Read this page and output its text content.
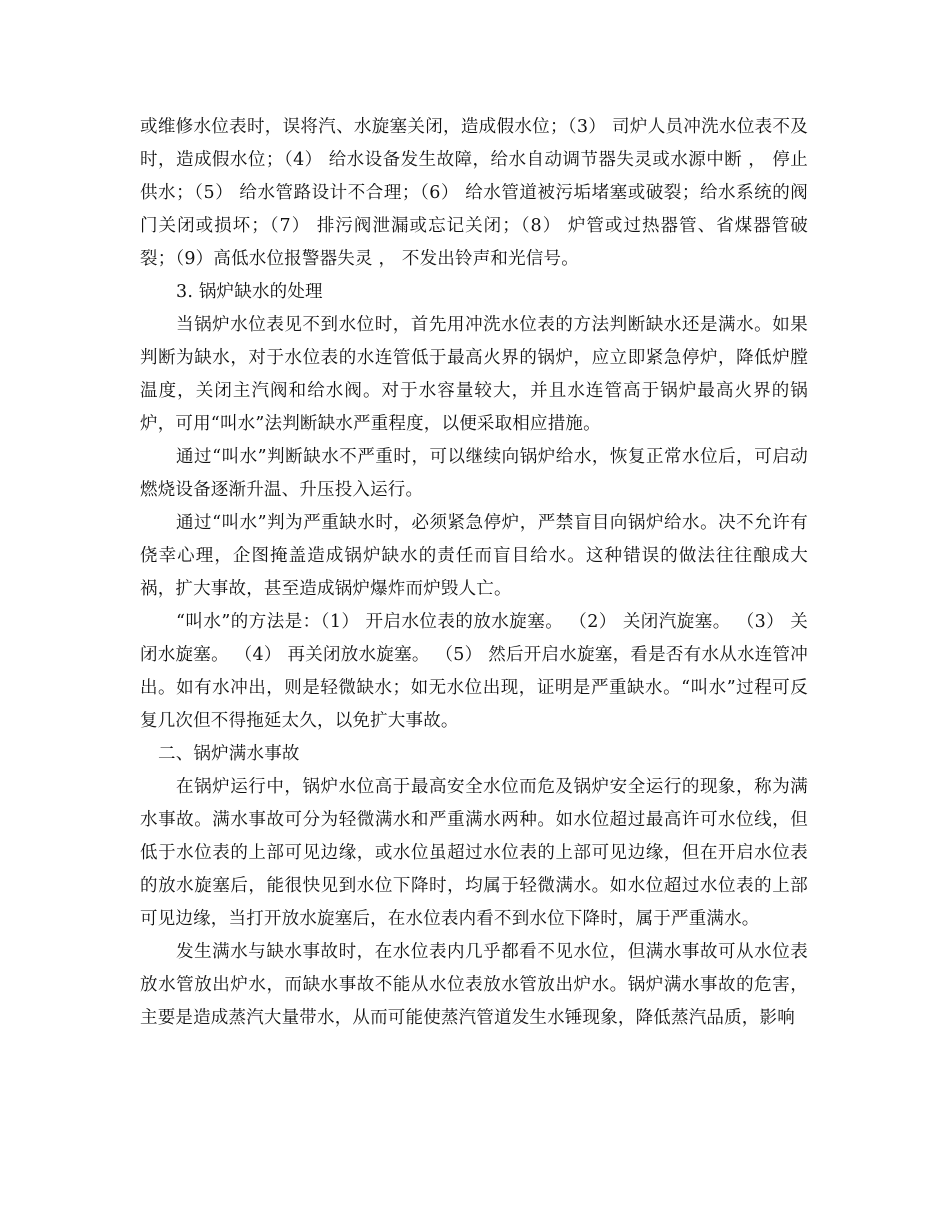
或维修水位表时，误将汽、水旋塞关闭，造成假水位；（3） 司炉人员冲洗水位表不及时，造成假水位；（4） 给水设备发生故障，给水自动调节器失灵或水源中断 ， 停止供水；（5） 给水管路设计不合理；（6） 给水管道被污垢堵塞或破裂；给水系统的阀门关闭或损坏；（7） 排污阀泄漏或忘记关闭；（8） 炉管或过热器管、省煤器管破裂；（9）高低水位报警器失灵 ， 不发出铃声和光信号。

3. 锅炉缺水的处理

当锅炉水位表见不到水位时，首先用冲洗水位表的方法判断缺水还是满水。如果判断为缺水，对于水位表的水连管低于最高火界的锅炉，应立即紧急停炉，降低炉膛温度，关闭主汽阀和给水阀。对于水容量较大，并且水连管高于锅炉最高火界的锅炉，可用“叫水”法判断缺水严重程度，以便采取相应措施。

通过“叫水”判断缺水不严重时，可以继续向锅炉给水，恢复正常水位后，可启动燃烧设备逐渐升温、升压投入运行。

通过“叫水”判为严重缺水时，必须紧急停炉，严禁盲目向锅炉给水。决不允许有侥幸心理，企图掩盖造成锅炉缺水的责任而盲目给水。这种错误的做法往往酿成大祸，扩大事故，甚至造成锅炉爆炸而炉毁人亡。

“叫水”的方法是：（1） 开启水位表的放水旋塞。 （2） 关闭汽旋塞。 （3） 关闭水旋塞。 （4） 再关闭放水旋塞。 （5） 然后开启水旋塞，看是否有水从水连管冲出。如有水冲出，则是轻微缺水；如无水位出现，证明是严重缺水。“叫水”过程可反复几次但不得拖延太久，以免扩大事故。

二、锅炉满水事故

在锅炉运行中，锅炉水位高于最高安全水位而危及锅炉安全运行的现象，称为满水事故。满水事故可分为轻微满水和严重满水两种。如水位超过最高许可水位线，但低于水位表的上部可见边缘，或水位虽超过水位表的上部可见边缘，但在开启水位表的放水旋塞后，能很快见到水位下降时，均属于轻微满水。如水位超过水位表的上部可见边缘，当打开放水旋塞后，在水位表内看不到水位下降时，属于严重满水。

发生满水与缺水事故时，在水位表内几乎都看不见水位，但满水事故可从水位表放水管放出炉水，而缺水事故不能从水位表放水管放出炉水。锅炉满水事故的危害，主要是造成蒸汽大量带水，从而可能使蒸汽管道发生水锤现象，降低蒸汽品质，影响
